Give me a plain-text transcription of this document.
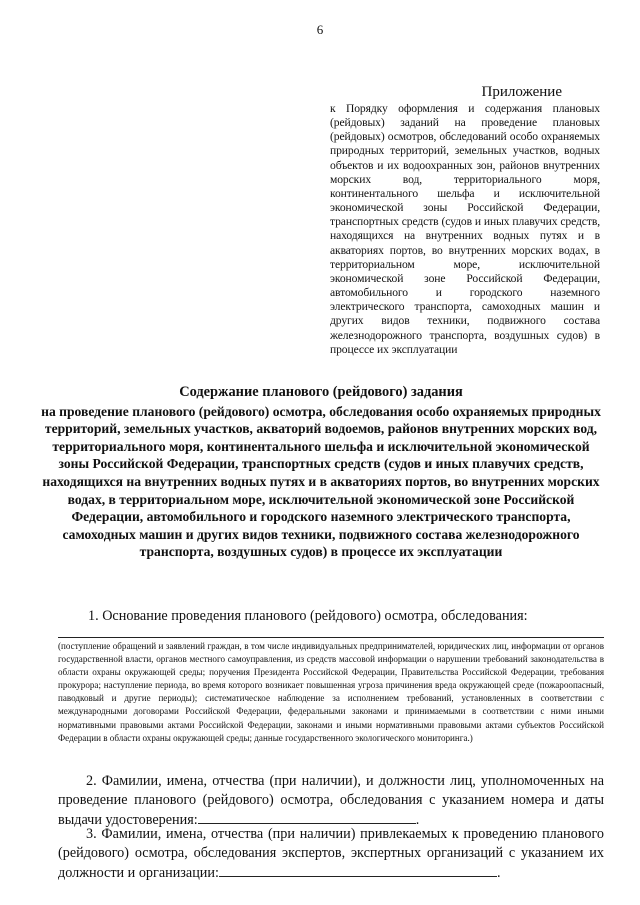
6
Приложение
к Порядку оформления и содержания плановых (рейдовых) заданий на проведение плановых (рейдовых) осмотров, обследований особо охраняемых природных территорий, земельных участков, водных объектов и их водоохранных зон, районов внутренних морских вод, территориального моря, континентального шельфа и исключительной экономической зоны Российской Федерации, транспортных средств (судов и иных плавучих средств, находящихся на внутренних водных путях и в акваториях портов, во внутренних морских водах, в территориальном море, исключительной экономической зоне Российской Федерации, автомобильного и городского наземного электрического транспорта, самоходных машин и других видов техники, подвижного состава железнодорожного транспорта, воздушных судов) в процессе их эксплуатации
Содержание планового (рейдового) задания
на проведение планового (рейдового) осмотра, обследования особо охраняемых природных территорий, земельных участков, акваторий водоемов, районов внутренних морских вод, территориального моря, континентального шельфа и исключительной экономической зоны Российской Федерации, транспортных средств (судов и иных плавучих средств, находящихся на внутренних водных путях и в акваториях портов, во внутренних морских водах, в территориальном море, исключительной экономической зоне Российской Федерации, автомобильного и городского наземного электрического транспорта, самоходных машин и других видов техники, подвижного состава железнодорожного транспорта, воздушных судов) в процессе их эксплуатации
1. Основание проведения планового (рейдового) осмотра, обследования:
(поступление обращений и заявлений граждан, в том числе индивидуальных предпринимателей, юридических лиц, информации от органов государственной власти, органов местного самоуправления, из средств массовой информации о нарушении требований законодательства в области охраны окружающей среды; поручения Президента Российской Федерации, Правительства Российской Федерации, требования прокурора; наступление периода, во время которого возникает повышенная угроза причинения вреда окружающей среде (пожароопасный, паводковый и другие периоды); систематическое наблюдение за исполнением требований, установленных в соответствии с международными договорами Российской Федерации, федеральными законами и принимаемыми в соответствии с ними иными нормативными правовыми актами Российской Федерации, законами и иными нормативными правовыми актами субъектов Российской Федерации в области охраны окружающей среды; данные государственного экологического мониторинга.)
2. Фамилии, имена, отчества (при наличии), и должности лиц, уполномоченных на проведение планового (рейдового) осмотра, обследования с указанием номера и даты выдачи удостоверения:	.
3. Фамилии, имена, отчества (при наличии) привлекаемых к проведению планового (рейдового) осмотра, обследования экспертов, экспертных организаций с указанием их должности и организации:	.
